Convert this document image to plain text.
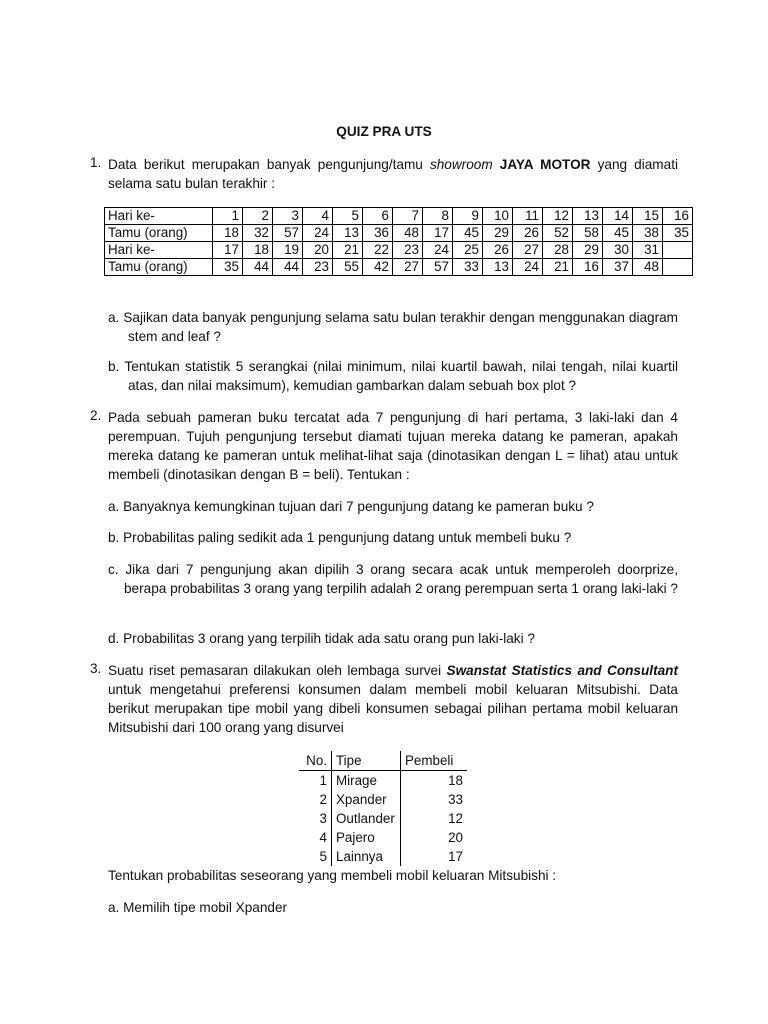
QUIZ PRA UTS
1. Data berikut merupakan banyak pengunjung/tamu showroom JAYA MOTOR yang diamati selama satu bulan terakhir :
Hari ke-	1	2	3	4	5	6	7	8	9	10	11	12	13	14	15	16
Tamu (orang)	18	32	57	24	13	36	48	17	45	29	26	52	58	45	38	35
Hari ke-	17	18	19	20	21	22	23	24	25	26	27	28	29	30	31	
Tamu (orang)	35	44	44	23	55	42	27	57	33	13	24	21	16	37	48	
a. Sajikan data banyak pengunjung selama satu bulan terakhir dengan menggunakan diagram stem and leaf ?
b. Tentukan statistik 5 serangkai (nilai minimum, nilai kuartil bawah, nilai tengah, nilai kuartil atas, dan nilai maksimum), kemudian gambarkan dalam sebuah box plot ?
2. Pada sebuah pameran buku tercatat ada 7 pengunjung di hari pertama, 3 laki-laki dan 4 perempuan. Tujuh pengunjung tersebut diamati tujuan mereka datang ke pameran, apakah mereka datang ke pameran untuk melihat-lihat saja (dinotasikan dengan L = lihat) atau untuk membeli (dinotasikan dengan B = beli). Tentukan :
a. Banyaknya kemungkinan tujuan dari 7 pengunjung datang ke pameran buku ?
b. Probabilitas paling sedikit ada 1 pengunjung datang untuk membeli buku ?
c. Jika dari 7 pengunjung akan dipilih 3 orang secara acak untuk memperoleh doorprize, berapa probabilitas 3 orang yang terpilih adalah 2 orang perempuan serta 1 orang laki-laki ?
d. Probabilitas 3 orang yang terpilih tidak ada satu orang pun laki-laki ?
3. Suatu riset pemasaran dilakukan oleh lembaga survei Swanstat Statistics and Consultant untuk mengetahui preferensi konsumen dalam membeli mobil keluaran Mitsubishi. Data berikut merupakan tipe mobil yang dibeli konsumen sebagai pilihan pertama mobil keluaran Mitsubishi dari 100 orang yang disurvei
No.	Tipe	Pembeli
1	Mirage	18
2	Xpander	33
3	Outlander	12
4	Pajero	20
5	Lainnya	17
Tentukan probabilitas seseorang yang membeli mobil keluaran Mitsubishi :
a. Memilih tipe mobil Xpander
